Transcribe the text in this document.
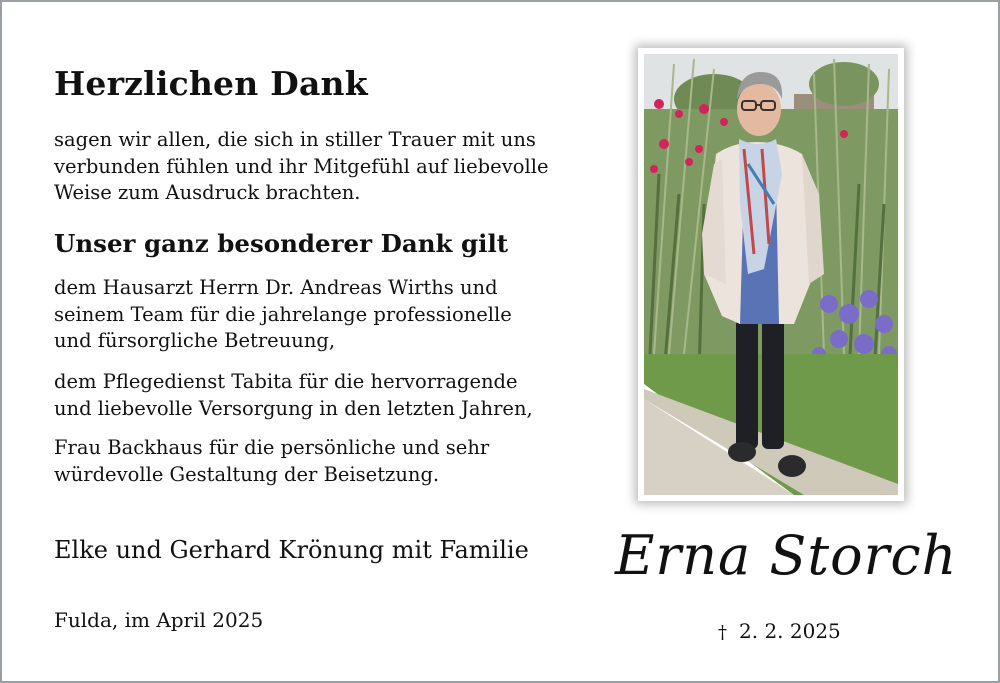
Herzlichen Dank
sagen wir allen, die sich in stiller Trauer mit uns
verbunden fühlen und ihr Mitgefühl auf liebevolle
Weise zum Ausdruck brachten.
Unser ganz besonderer Dank gilt
dem Hausarzt Herrn Dr. Andreas Wirths und
seinem Team für die jahrelange professionelle
und fürsorgliche Betreuung,
dem Pflegedienst Tabita für die hervorragende
und liebevolle Versorgung in den letzten Jahren,
Frau Backhaus für die persönliche und sehr
würdevolle Gestaltung der Beisetzung.
Elke und Gerhard Krönung mit Familie
Fulda, im April 2025
Erna Storch
† 2. 2. 2025
